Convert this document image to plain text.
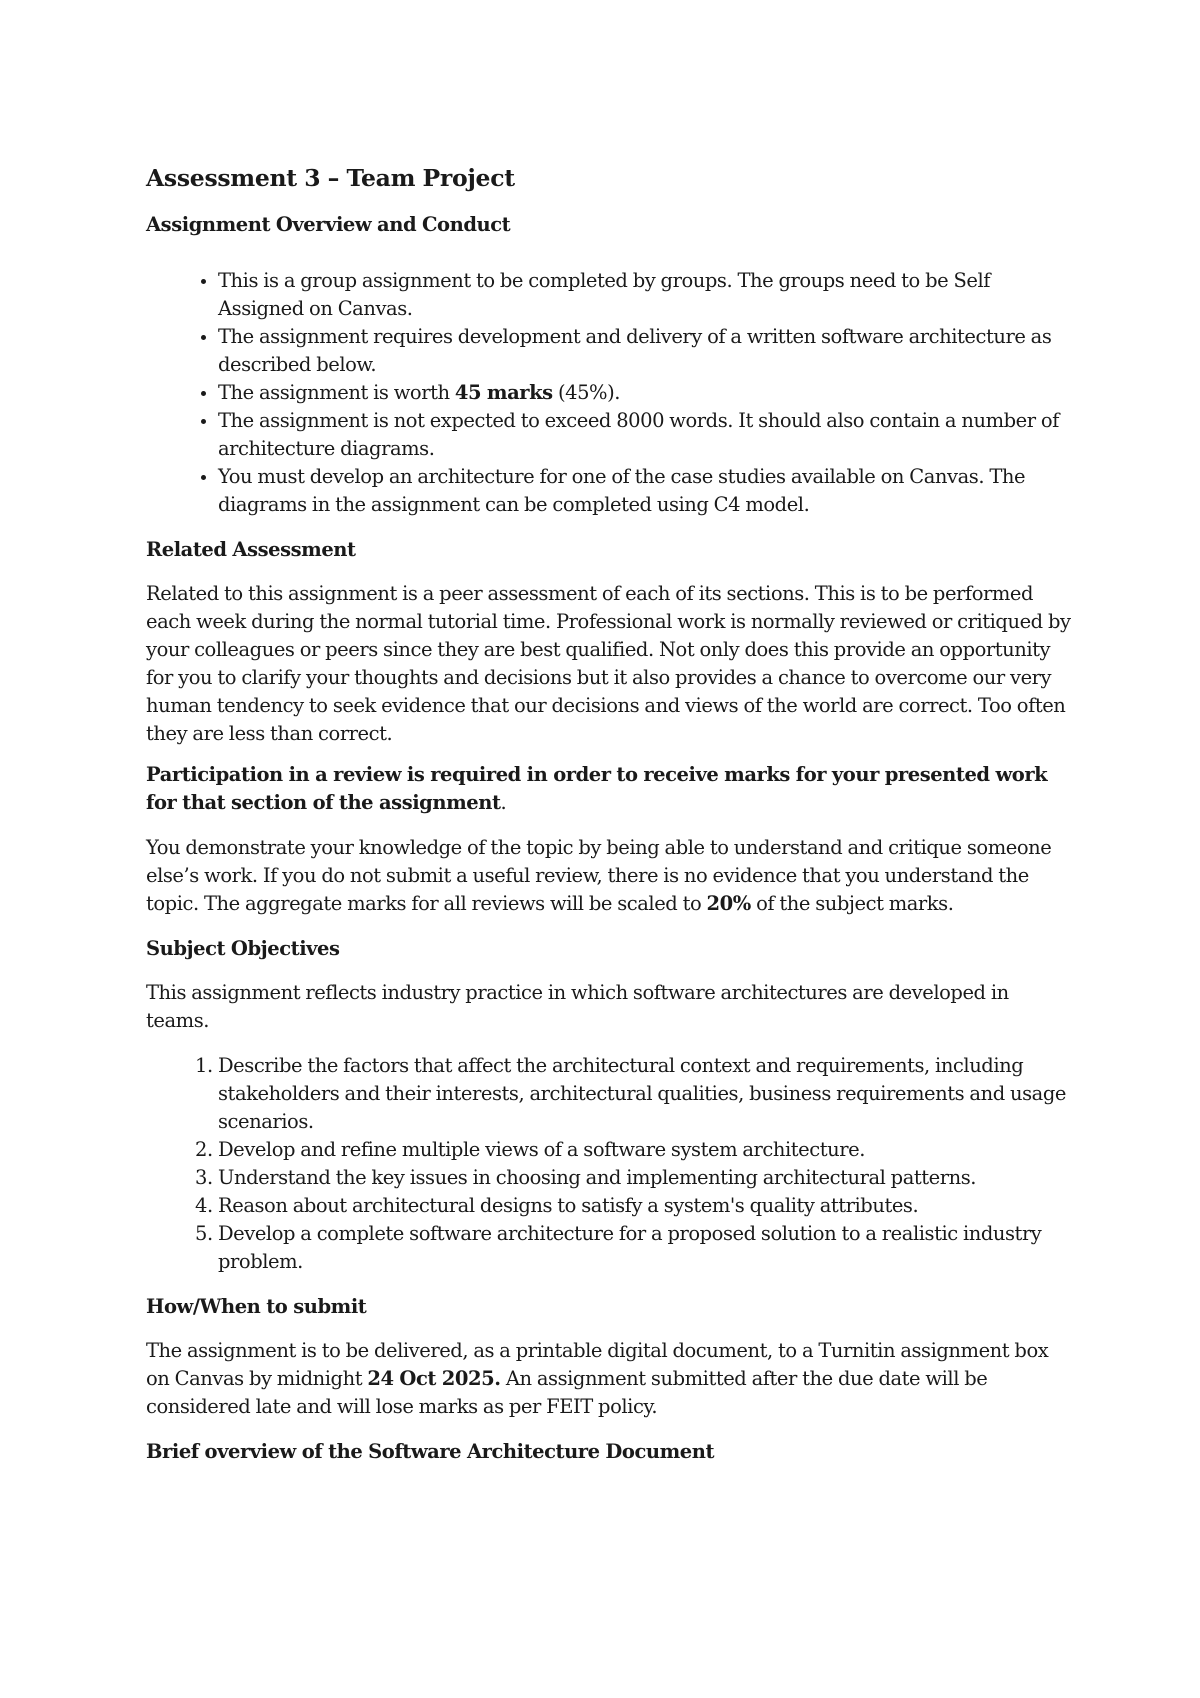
Assessment 3 – Team Project
Assignment Overview and Conduct
• This is a group assignment to be completed by groups. The groups need to be Self Assigned on Canvas.
• The assignment requires development and delivery of a written software architecture as described below.
• The assignment is worth 45 marks (45%).
• The assignment is not expected to exceed 8000 words. It should also contain a number of architecture diagrams.
• You must develop an architecture for one of the case studies available on Canvas. The diagrams in the assignment can be completed using C4 model.
Related Assessment

Related to this assignment is a peer assessment of each of its sections. This is to be performed each week during the normal tutorial time. Professional work is normally reviewed or critiqued by your colleagues or peers since they are best qualified. Not only does this provide an opportunity for you to clarify your thoughts and decisions but it also provides a chance to overcome our very human tendency to seek evidence that our decisions and views of the world are correct. Too often they are less than correct.

Participation in a review is required in order to receive marks for your presented work for that section of the assignment.

You demonstrate your knowledge of the topic by being able to understand and critique someone else’s work. If you do not submit a useful review, there is no evidence that you understand the topic. The aggregate marks for all reviews will be scaled to 20% of the subject marks.

Subject Objectives

This assignment reflects industry practice in which software architectures are developed in teams.

1. Describe the factors that affect the architectural context and requirements, including stakeholders and their interests, architectural qualities, business requirements and usage scenarios.
2. Develop and refine multiple views of a software system architecture.
3. Understand the key issues in choosing and implementing architectural patterns.
4. Reason about architectural designs to satisfy a system's quality attributes.
5. Develop a complete software architecture for a proposed solution to a realistic industry problem.
How/When to submit

The assignment is to be delivered, as a printable digital document, to a Turnitin assignment box on Canvas by midnight 24 Oct 2025. An assignment submitted after the due date will be considered late and will lose marks as per FEIT policy.

Brief overview of the Software Architecture Document
